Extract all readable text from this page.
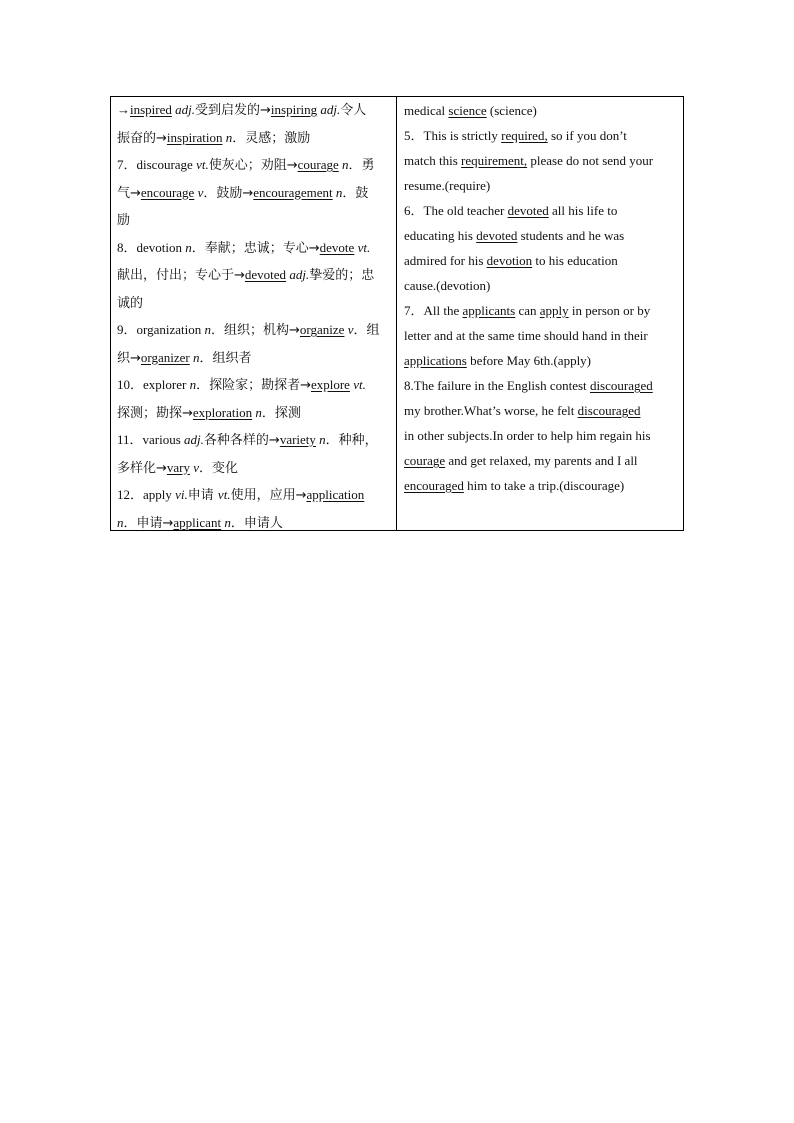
→inspired adj.受到启发的→inspiring adj.令人
振奋的→inspiration n．灵感；激励
7．discourage vt.使灰心；劝阻→courage n．勇
气→encourage v．鼓励→encouragement n．鼓
励
8．devotion n．奉献；忠诚；专心→devote vt.
献出，付出；专心于→devoted adj.挚爱的；忠
诚的
9．organization n．组织；机构→organize v．组
织→organizer n．组织者
10．explorer n．探险家；勘探者→explore vt.
探测；勘探→exploration n．探测
11．various adj.各种各样的→variety n．种种，
多样化→vary v．变化
12．apply vi.申请 vt.使用，应用→application
n．申请→applicant n．申请人
medical science (science)
5．This is strictly required, so if you don’t
match this requirement, please do not send your
resume.(require)
6．The old teacher devoted all his life to
educating his devoted students and he was
admired for his devotion to his education
cause.(devotion)
7．All the applicants can apply in person or by
letter and at the same time should hand in their
applications before May 6th.(apply)
8.The failure in the English contest discouraged
my brother.What’s worse, he felt discouraged
in other subjects.In order to help him regain his
courage and get relaxed, my parents and I all
encouraged him to take a trip.(discourage)
